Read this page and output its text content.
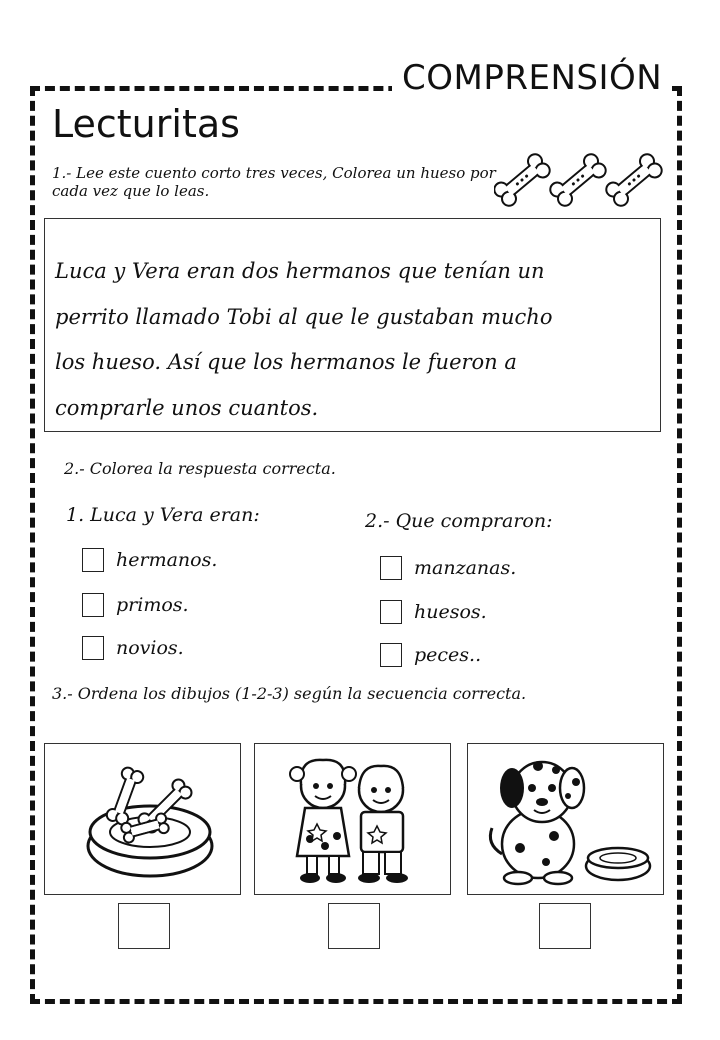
COMPRENSIÓN
Lecturitas
1.- Lee este cuento corto tres veces, Colorea un hueso por cada vez que lo leas.
Luca y Vera eran dos hermanos que tenían un
perrito llamado Tobi al que le gustaban mucho
los hueso. Así que los hermanos le fueron a
comprarle unos cuantos.
2.- Colorea la respuesta correcta.
1. Luca y Vera eran:
hermanos.
primos.
novios.
2.- Que compraron:
manzanas.
huesos.
peces..
3.- Ordena los dibujos (1-2-3) según la secuencia correcta.
